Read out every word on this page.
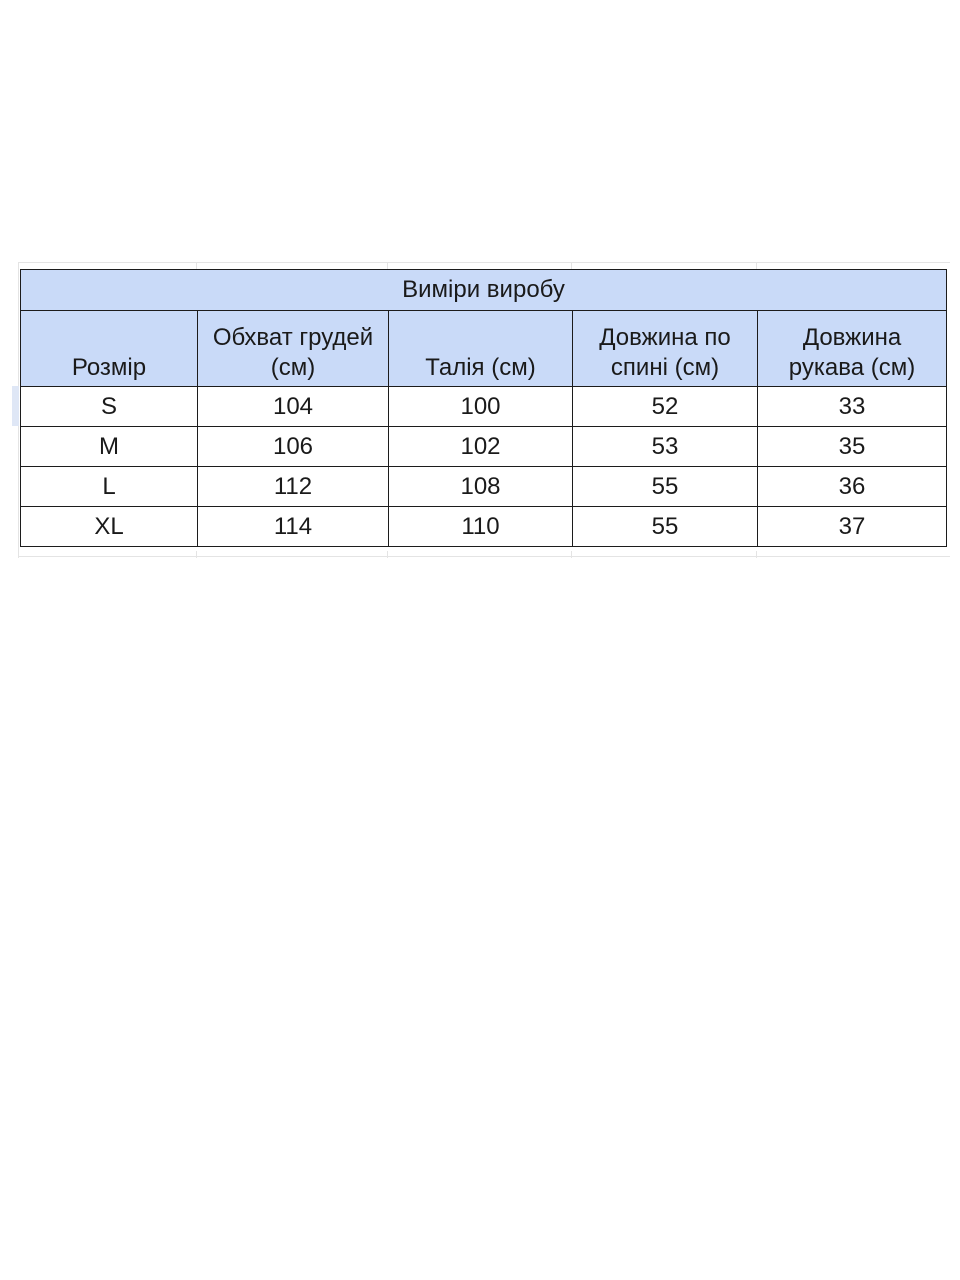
Виміри виробу				
Розмір	Обхват грудей (см)	Талія (см)	Довжина по спині (см)	Довжина рукава (см)
S	104	100	52	33
M	106	102	53	35
L	112	108	55	36
XL	114	110	55	37
